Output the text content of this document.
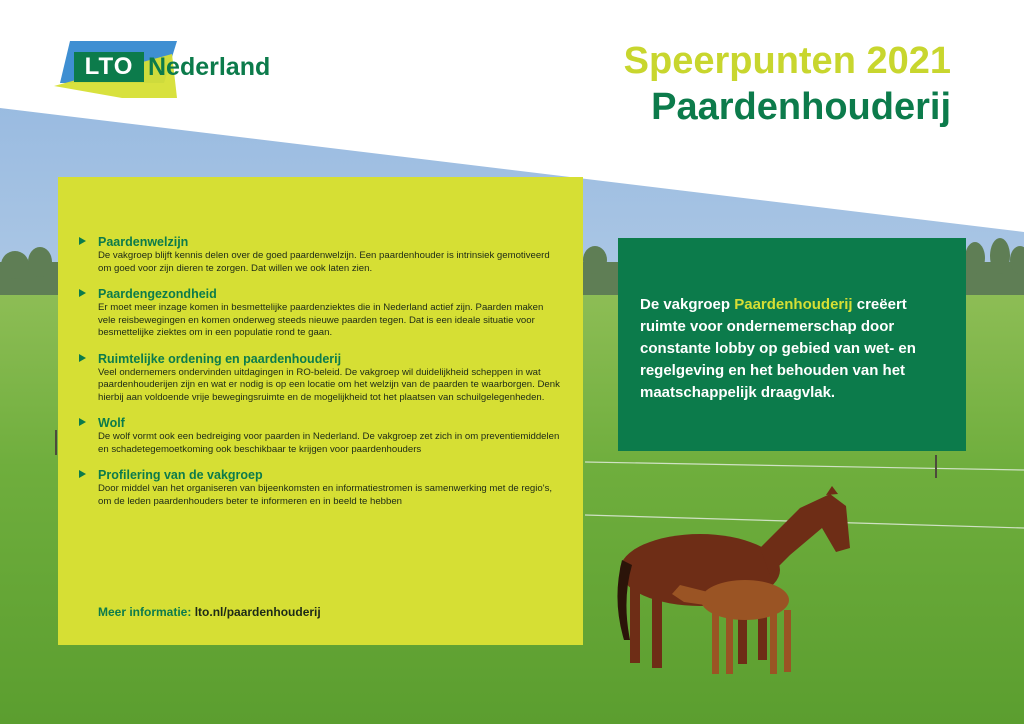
LTO Nederland	Speerpunten 2021
Paardenhouderij
Paardenwelzijn
De vakgroep blijft kennis delen over de goed paardenwelzijn. Een paardenhouder is intrinsiek gemotiveerd om goed voor zijn dieren te zorgen. Dat willen we ook laten zien.
Paardengezondheid
Er moet meer inzage komen in besmettelijke paardenziektes die in Nederland actief zijn. Paarden maken vele reisbewegingen en komen onderweg steeds nieuwe paarden tegen. Dat is een ideale situatie voor besmettelijke ziektes om in een populatie rond te gaan.
Ruimtelijke ordening en paardenhouderij
Veel ondernemers ondervinden uitdagingen in RO-beleid. De vakgroep wil duidelijkheid scheppen in wat paardenhouderijen zijn en wat er nodig is op een locatie om het welzijn van de paarden te waarborgen. Denk hierbij aan voldoende vrije bewegingsruimte en de mogelijkheid tot het plaatsen van schuilgelegenheden.
Wolf
De wolf vormt ook een bedreiging voor paarden in Nederland. De vakgroep zet zich in om preventiemiddelen en schadetegemoetkoming ook beschikbaar te krijgen voor paardenhouders
Profilering van de vakgroep
Door middel van het organiseren van bijeenkomsten en informatiestromen is samenwerking met de regio's, om de leden paardenhouders beter te informeren en in beeld te hebben
Meer informatie: lto.nl/paardenhouderij
De vakgroep Paardenhouderij creëert ruimte voor ondernemerschap door constante lobby op gebied van wet- en regelgeving en het behouden van het maatschappelijk draagvlak.
